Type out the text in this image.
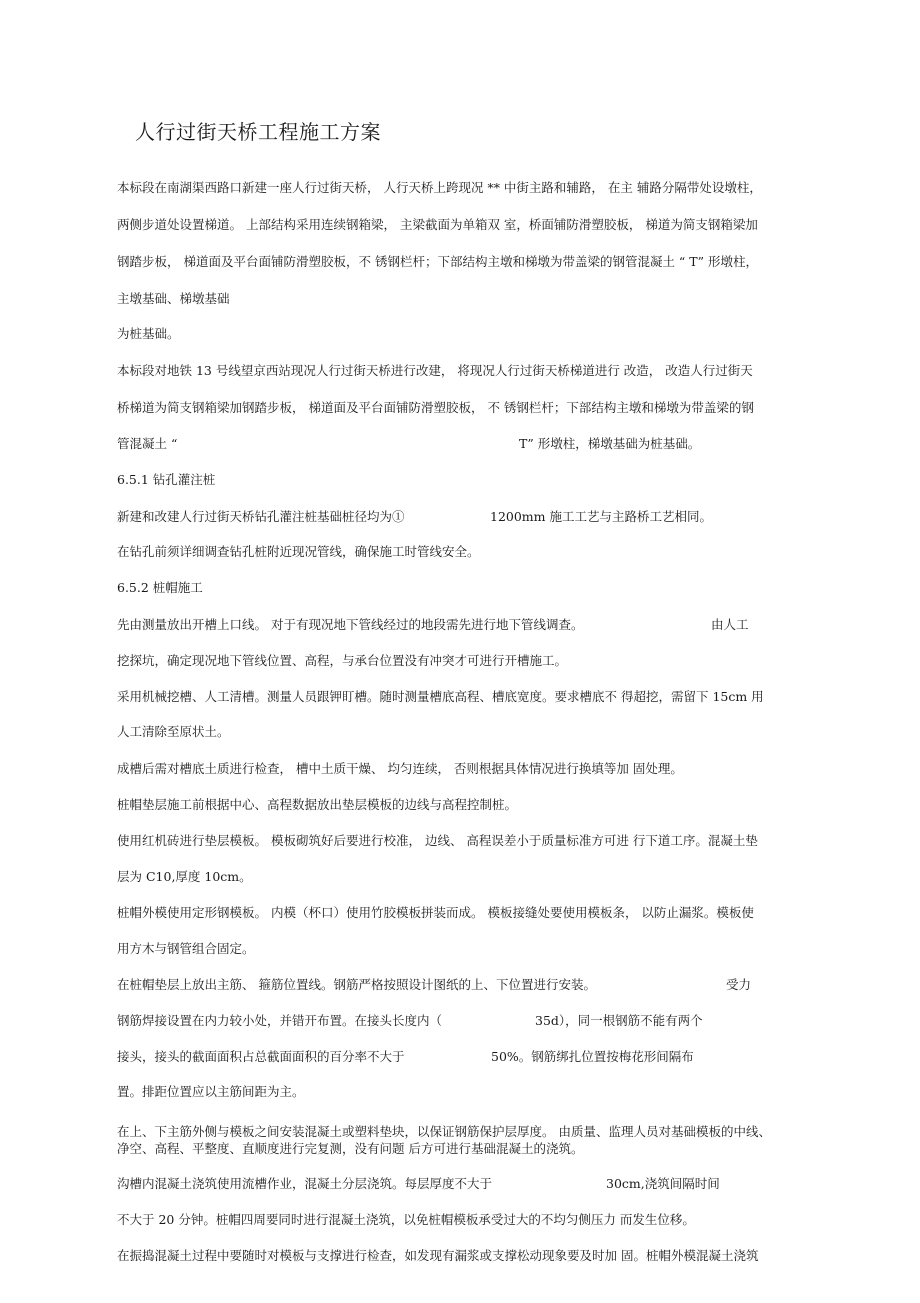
人行过街天桥工程施工方案
本标段在南湖渠西路口新建一座人行过街天桥， 人行天桥上跨现况 ** 中街主路和辅路， 在主 辅路分隔带处设墩柱，
两侧步道处设置梯道。 上部结构采用连续钢箱梁， 主梁截面为单箱双 室，桥面铺防滑塑胶板， 梯道为简支钢箱梁加
钢踏步板， 梯道面及平台面铺防滑塑胶板，不 锈钢栏杆；下部结构主墩和梯墩为带盖梁的钢管混凝土 “ T” 形墩柱，
主墩基础、梯墩基础
为桩基础。
本标段对地铁 13 号线望京西站现况人行过街天桥进行改建， 将现况人行过街天桥梯道进行 改造， 改造人行过街天
桥梯道为简支钢箱梁加钢踏步板， 梯道面及平台面铺防滑塑胶板， 不 锈钢栏杆；下部结构主墩和梯墩为带盖梁的钢
管混凝土 “	T” 形墩柱，梯墩基础为桩基础。
6.5.1 钻孔灌注桩
新建和改建人行过街天桥钻孔灌注桩基础桩径均为①	1200mm 施工工艺与主路桥工艺相同。
在钻孔前须详细调查钻孔桩附近现况管线，确保施工时管线安全。
6.5.2 桩帽施工
先由测量放出开槽上口线。 对于有现况地下管线经过的地段需先进行地下管线调查。	由人工
挖探坑，确定现况地下管线位置、高程，与承台位置没有冲突才可进行开槽施工。
采用机械挖槽、人工清槽。测量人员跟钾盯槽。随时测量槽底高程、槽底宽度。要求槽底不 得超挖，需留下 15cm 用
人工清除至原状土。
成槽后需对槽底土质进行检查， 槽中土质干燥、 均匀连续， 否则根据具体情况进行换填等加 固处理。
桩帽垫层施工前根据中心、高程数据放出垫层模板的边线与高程控制桩。
使用红机砖进行垫层模板。 模板砌筑好后要进行校准， 边线、 高程误差小于质量标准方可进 行下道工序。混凝土垫
层为 C10,厚度 10cm。
桩帽外模使用定形钢模板。 内模（杯口）使用竹胶模板拼装而成。 模板接缝处要使用模板条， 以防止漏浆。模板使
用方木与钢管组合固定。
在桩帽垫层上放出主筋、 箍筋位置线。钢筋严格按照设计图纸的上、下位置进行安装。	受力
钢筋焊接设置在内力较小处，并错开布置。在接头长度内（	35d），同一根钢筋不能有两个
接头，接头的截面面积占总截面面积的百分率不大于	50%。钢筋绑扎位置按梅花形间隔布
置。排距位置应以主筋间距为主。
在上、下主筋外侧与模板之间安装混凝土或塑料垫块，以保证钢筋保护层厚度。 由质量、监理人员对基础模板的中线、
净空、高程、平整度、直顺度进行完复测，没有问题 后方可进行基础混凝土的浇筑。
沟槽内混凝土浇筑使用流槽作业，混凝土分层浇筑。每层厚度不大于	30cm,浇筑间隔时间
不大于 20 分钟。桩帽四周要同时进行混凝土浇筑，以免桩帽模板承受过大的不均匀侧压力 而发生位移。
在振捣混凝土过程中要随时对模板与支撑进行检查，如发现有漏浆或支撑松动现象要及时加 固。桩帽外模混凝土浇筑
